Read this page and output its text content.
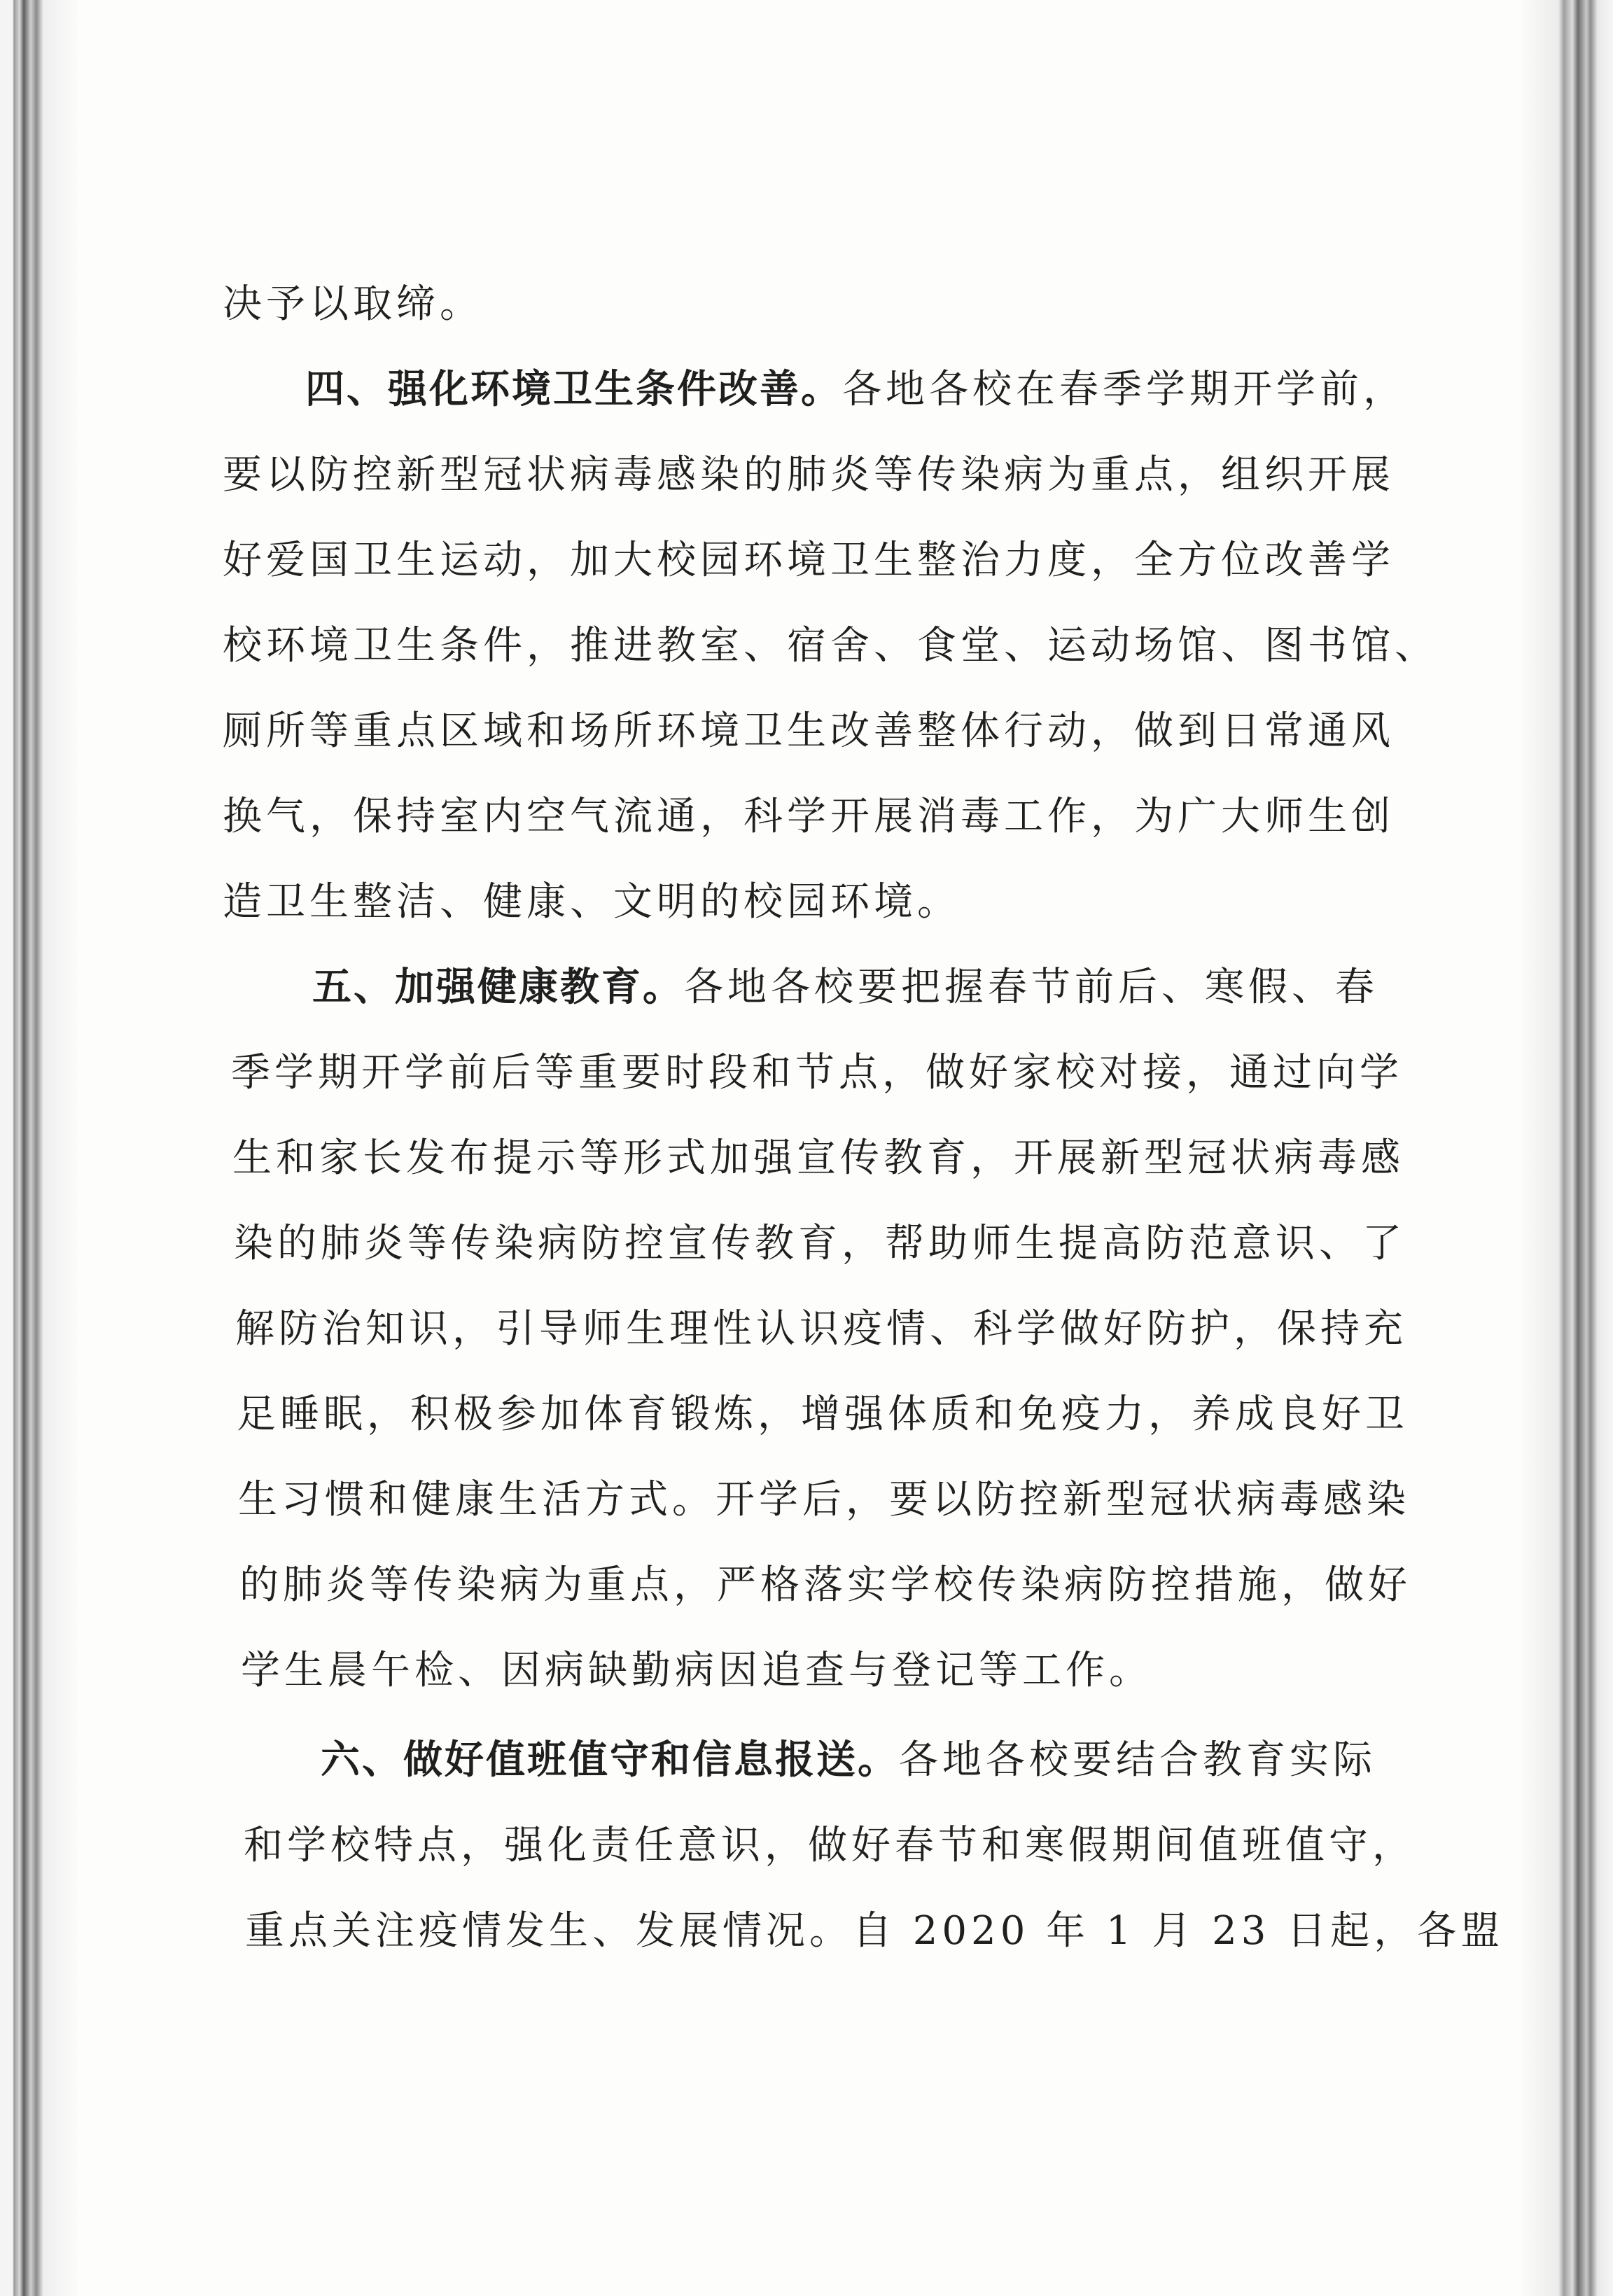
决予以取缔。
四、强化环境卫生条件改善。各地各校在春季学期开学前，
要以防控新型冠状病毒感染的肺炎等传染病为重点，组织开展
好爱国卫生运动，加大校园环境卫生整治力度，全方位改善学
校环境卫生条件，推进教室、宿舍、食堂、运动场馆、图书馆、
厕所等重点区域和场所环境卫生改善整体行动，做到日常通风
换气，保持室内空气流通，科学开展消毒工作，为广大师生创
造卫生整洁、健康、文明的校园环境。
五、加强健康教育。各地各校要把握春节前后、寒假、春
季学期开学前后等重要时段和节点，做好家校对接，通过向学
生和家长发布提示等形式加强宣传教育，开展新型冠状病毒感
染的肺炎等传染病防控宣传教育，帮助师生提高防范意识、了
解防治知识，引导师生理性认识疫情、科学做好防护，保持充
足睡眠，积极参加体育锻炼，增强体质和免疫力，养成良好卫
生习惯和健康生活方式。开学后，要以防控新型冠状病毒感染
的肺炎等传染病为重点，严格落实学校传染病防控措施，做好
学生晨午检、因病缺勤病因追查与登记等工作。
六、做好值班值守和信息报送。各地各校要结合教育实际
和学校特点，强化责任意识，做好春节和寒假期间值班值守，
重点关注疫情发生、发展情况。自 2020 年 1 月 23 日起，各盟
